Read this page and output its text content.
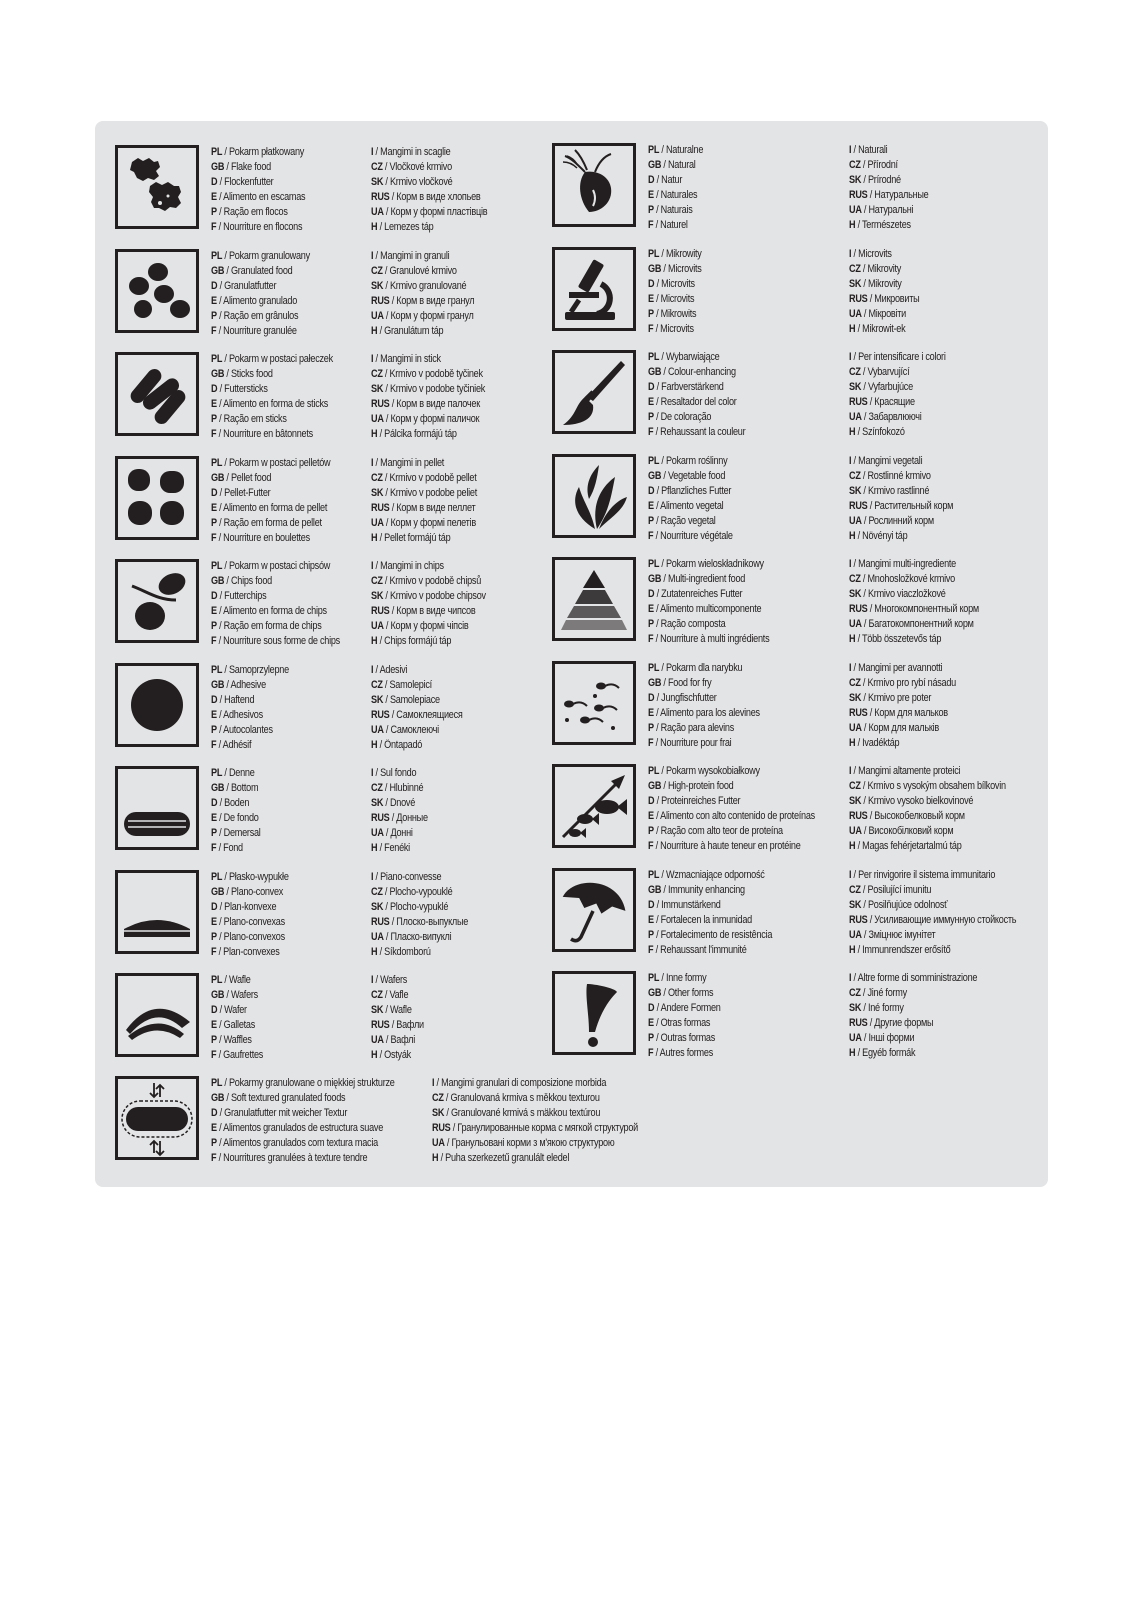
PL / Pokarm płatkowany
GB / Flake food
D / Flockenfutter
E / Alimento en escamas
P / Ração em flocos
F / Nourriture en flocons
I / Mangimi in scaglie
CZ / Vločkové krmivo
SK / Krmivo vločkové
RUS / Корм в виде хлопьев
UA / Корм у формі пластівців
H / Lemezes táp
PL / Pokarm granulowany
GB / Granulated food
D / Granulatfutter
E / Alimento granulado
P / Ração em grânulos
F / Nourriture granulée
I / Mangimi in granuli
CZ / Granulové krmivo
SK / Krmivo granulované
RUS / Корм в виде гранул
UA / Корм у формі гранул
H / Granulátum táp
PL / Pokarm w postaci pałeczek
GB / Sticks food
D / Futtersticks
E / Alimento en forma de sticks
P / Ração em sticks
F / Nourriture en bâtonnets
I / Mangimi in stick
CZ / Krmivo v podobě tyčinek
SK / Krmivo v podobe tyčiniek
RUS / Корм в виде палочек
UA / Корм у формі паличок
H / Pálcika formájú táp
PL / Pokarm w postaci pelletów
GB / Pellet food
D / Pellet-Futter
E / Alimento en forma de pellet
P / Ração em forma de pellet
F / Nourriture en boulettes
I / Mangimi in pellet
CZ / Krmivo v podobě pellet
SK / Krmivo v podobe peliet
RUS / Корм в виде пеллет
UA / Корм у формі пелетів
H / Pellet formájú táp
PL / Pokarm w postaci chipsów
GB / Chips food
D / Futterchips
E / Alimento en forma de chips
P / Ração em forma de chips
F / Nourriture sous forme de chips
I / Mangimi in chips
CZ / Krmivo v podobě chipsů
SK / Krmivo v podobe chipsov
RUS / Корм в виде чипсов
UA / Корм у формі чіпсів
H / Chips formájú táp
PL / Samoprzylepne
GB / Adhesive
D / Haftend
E / Adhesivos
P / Autocolantes
F / Adhésif
I / Adesivi
CZ / Samolepicí
SK / Samolepiace
RUS / Самоклеящиеся
UA / Самоклеючі
H / Öntapadó
PL / Denne
GB / Bottom
D / Boden
E / De fondo
P / Demersal
F / Fond
I / Sul fondo
CZ / Hlubinné
SK / Dnové
RUS / Донные
UA / Донні
H / Fenéki
PL / Płasko-wypukłe
GB / Plano-convex
D / Plan-konvexe
E / Plano-convexas
P / Plano-convexos
F / Plan-convexes
I / Piano-convesse
CZ / Plocho-vypouklé
SK / Plocho-vypuklé
RUS / Плоско-выпуклые
UA / Пласко-випуклі
H / Síkdomború
PL / Wafle
GB / Wafers
D / Wafer
E / Galletas
P / Waffles
F / Gaufrettes
I / Wafers
CZ / Vafle
SK / Wafle
RUS / Вафли
UA / Вафлі
H / Ostyák
PL / Naturalne
GB / Natural
D / Natur
E / Naturales
P / Naturais
F / Naturel
I / Naturali
CZ / Přírodní
SK / Prírodné
RUS / Натуральные
UA / Натуральні
H / Természetes
PL / Mikrowity
GB / Microvits
D / Microvits
E / Microvits
P / Mikrowits
F / Microvits
I / Microvits
CZ / Mikrovity
SK / Mikrovity
RUS / Микровиты
UA / Мікровіти
H / Mikrowit-ek
PL / Wybarwiające
GB / Colour-enhancing
D / Farbverstärkend
E / Resaltador del color
P / De coloração
F / Rehaussant la couleur
I / Per intensificare i colori
CZ / Vybarvující
SK / Vyfarbujúce
RUS / Красящие
UA / Забарвлюючі
H / Színfokozó
PL / Pokarm roślinny
GB / Vegetable food
D / Pflanzliches Futter
E / Alimento vegetal
P / Ração vegetal
F / Nourriture végétale
I / Mangimi vegetali
CZ / Rostlinné krmivo
SK / Krmivo rastlinné
RUS / Растительный корм
UA / Рослинний корм
H / Növényi táp
PL / Pokarm wieloskładnikowy
GB / Multi-ingredient food
D / Zutatenreiches Futter
E / Alimento multicomponente
P / Ração composta
F / Nourriture à multi ingrédients
I / Mangimi multi-ingrediente
CZ / Mnohosložkové krmivo
SK / Krmivo viaczložkové
RUS / Многокомпонентный корм
UA / Багатокомпонентний корм
H / Több összetevős táp
PL / Pokarm dla narybku
GB / Food for fry
D / Jungfischfutter
E / Alimento para los alevines
P / Ração para alevins
F / Nourriture pour frai
I / Mangimi per avannotti
CZ / Krmivo pro rybí násadu
SK / Krmivo pre poter
RUS / Корм для мальков
UA / Корм для мальків
H / Ivadéktáp
PL / Pokarm wysokobiałkowy
GB / High-protein food
D / Proteinreiches Futter
E / Alimento con alto contenido de proteínas
P / Ração com alto teor de proteína
F / Nourriture à haute teneur en protéine
I / Mangimi altamente proteici
CZ / Krmivo s vysokým obsahem bílkovin
SK / Krmivo vysoko bielkovinové
RUS / Высокобелковый корм
UA / Високобілковий корм
H / Magas fehérjetartalmú táp
PL / Wzmacniające odporność
GB / Immunity enhancing
D / Immunstärkend
E / Fortalecen la inmunidad
P / Fortalecimento de resistência
F / Rehaussant l'immunité
I / Per rinvigorire il sistema immunitario
CZ / Posilující imunitu
SK / Posilňujúce odolnosť
RUS / Усиливающие иммунную стойкость
UA / Зміцнює імунітет
H / Immunrendszer erősítő
PL / Inne formy
GB / Other forms
D / Andere Formen
E / Otras formas
P / Outras formas
F / Autres formes
I / Altre forme di somministrazione
CZ / Jiné formy
SK / Iné formy
RUS / Другие формы
UA / Інші форми
H / Egyéb formák
PL / Pokarmy granulowane o miękkiej strukturze
GB / Soft textured granulated foods
D / Granulatfutter mit weicher Textur
E / Alimentos granulados de estructura suave
P / Alimentos granulados com textura macia
F / Nourritures granulées à texture tendre
I / Mangimi granulari di composizione morbida
CZ / Granulovaná krmiva s měkkou texturou
SK / Granulované krmivá s mäkkou textúrou
RUS / Гранулированные корма с мягкой структурой
UA / Гранульовані корми з м'якою структурою
H / Puha szerkezetű granulált eledel
